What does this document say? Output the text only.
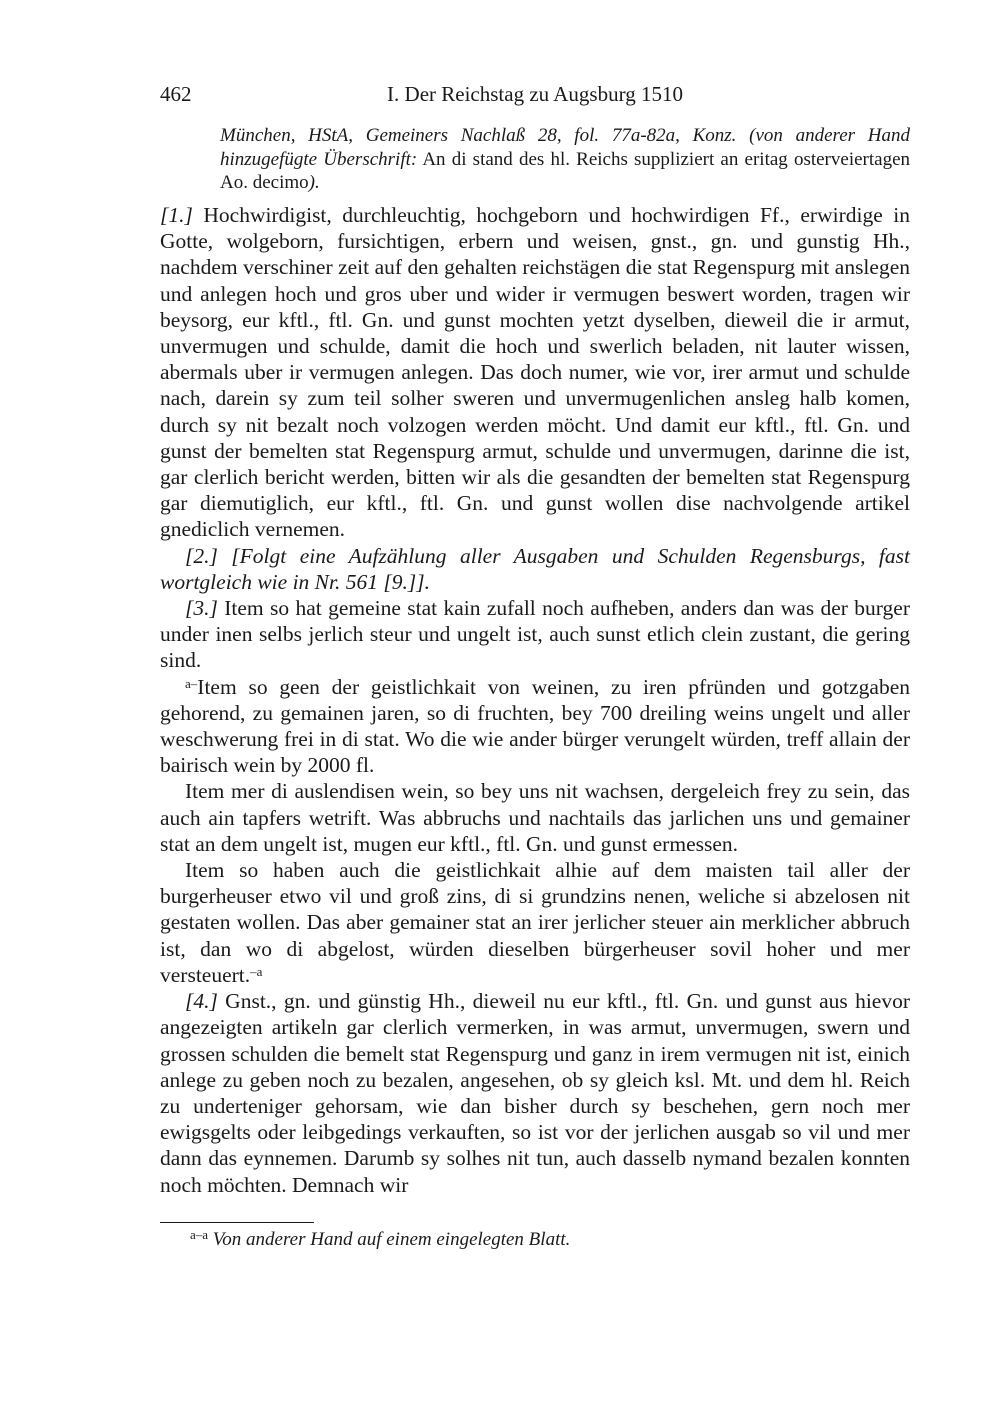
462	I. Der Reichstag zu Augsburg 1510
München, HStA, Gemeiners Nachlaß 28, fol. 77a-82a, Konz. (von anderer Hand hinzugefügte Überschrift: An di stand des hl. Reichs suppliziert an eritag osterveiertagen Ao. decimo).

[1.] Hochwirdigist, durchleuchtig, hochgeborn und hochwirdigen Ff., erwirdige in Gotte, wolgeborn, fursichtigen, erbern und weisen, gnst., gn. und gunstig Hh., nachdem verschiner zeit auf den gehalten reichstägen die stat Regenspurg mit anslegen und anlegen hoch und gros uber und wider ir vermugen beswert worden, tragen wir beysorg, eur kftl., ftl. Gn. und gunst mochten yetzt dyselben, dieweil die ir armut, unvermugen und schulde, damit die hoch und swerlich beladen, nit lauter wissen, abermals uber ir vermugen anlegen. Das doch numer, wie vor, irer armut und schulde nach, darein sy zum teil solher sweren und unvermugenlichen ansleg halb komen, durch sy nit bezalt noch volzogen werden möcht. Und damit eur kftl., ftl. Gn. und gunst der bemelten stat Regenspurg armut, schulde und unvermugen, darinne die ist, gar clerlich bericht werden, bitten wir als die gesandten der bemelten stat Regenspurg gar diemutiglich, eur kftl., ftl. Gn. und gunst wollen dise nachvolgende artikel gnediclich vernemen.

[2.] [Folgt eine Aufzählung aller Ausgaben und Schulden Regensburgs, fast wortgleich wie in Nr. 561 [9.]].

[3.] Item so hat gemeine stat kain zufall noch aufheben, anders dan was der burger under inen selbs jerlich steur und ungelt ist, auch sunst etlich clein zustant, die gering sind.

$^{a-}$Item so geen der geistlichkait von weinen, zu iren pfründen und gotzgaben gehorend, zu gemainen jaren, so di fruchten, bey 700 dreiling weins ungelt und aller weschwerung frei in di stat. Wo die wie ander bürger verungelt würden, treff allain der bairisch wein by 2000 fl.

Item mer di auslendisen wein, so bey uns nit wachsen, dergeleich frey zu sein, das auch ain tapfers wetrift. Was abbruchs und nachtails das jarlichen uns und gemainer stat an dem ungelt ist, mugen eur kftl., ftl. Gn. und gunst ermessen.

Item so haben auch die geistlichkait alhie auf dem maisten tail aller der burgerheuser etwo vil und groß zins, di si grundzins nenen, weliche si abzelosen nit gestaten wollen. Das aber gemainer stat an irer jerlicher steuer ain merklicher abbruch ist, dan wo di abgelost, würden dieselben bürgerheuser sovil hoher und mer versteuert.$^{-a}$

[4.] Gnst., gn. und günstig Hh., dieweil nu eur kftl., ftl. Gn. und gunst aus hievor angezeigten artikeln gar clerlich vermerken, in was armut, unvermugen, swern und grossen schulden die bemelt stat Regenspurg und ganz in irem vermugen nit ist, einich anlege zu geben noch zu bezalen, angesehen, ob sy gleich ksl. Mt. und dem hl. Reich zu underteniger gehorsam, wie dan bisher durch sy beschehen, gern noch mer ewigsgelts oder leibgedings verkauften, so ist vor der jerlichen ausgab so vil und mer dann das eynnemen. Darumb sy solhes nit tun, auch dasselb nymand bezalen konnten noch möchten. Demnach wir

$^{a-a}$ Von anderer Hand auf einem eingelegten Blatt.
